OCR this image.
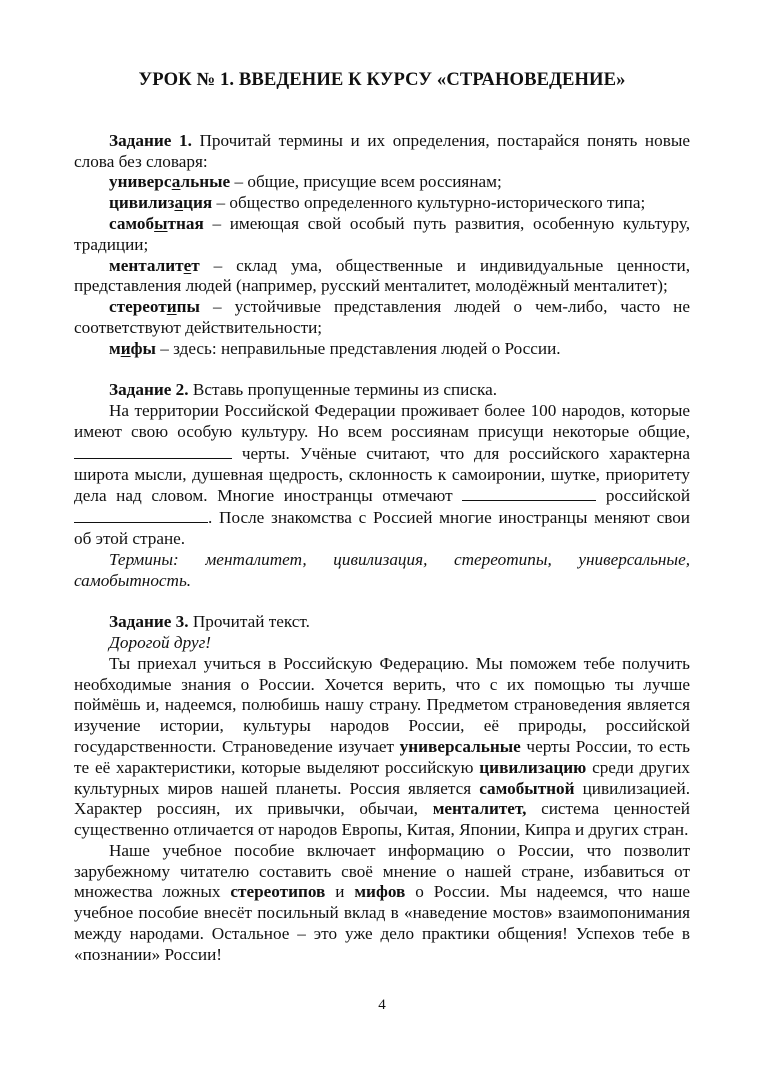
УРОК № 1. ВВЕДЕНИЕ К КУРСУ «СТРАНОВЕДЕНИЕ»

Задание 1. Прочитай термины и их определения, постарайся понять новые слова без словаря:

универсальные – общие, присущие всем россиянам;

цивилизация – общество определенного культурно-исторического типа;

самобытная – имеющая свой особый путь развития, особенную культуру, традиции;

менталитет – склад ума, общественные и индивидуальные ценности, представления людей (например, русский менталитет, молодёжный менталитет);

стереотипы – устойчивые представления людей о чем-либо, часто не соответствуют действительности;

мифы – здесь: неправильные представления людей о России.

Задание 2. Вставь пропущенные термины из списка.

На территории Российской Федерации проживает более 100 народов, которые имеют свою особую культуру. Но всем россиянам присущи некоторые общие,  черты. Учёные считают, что для российского характерна широта мысли, душевная щедрость, склонность к самоиронии, шутке, приоритету дела над словом. Многие иностранцы отмечают	российской . После знакомства с Россией многие иностранцы меняют свои об этой стране.

Термины: менталитет, цивилизация, стереотипы, универсальные, самобытность.

Задание 3. Прочитай текст.

Дорогой друг!

Ты приехал учиться в Российскую Федерацию. Мы поможем тебе получить необходимые знания о России. Хочется верить, что с их помощью ты лучше поймёшь и, надеемся, полюбишь нашу страну. Предметом страноведения является изучение истории, культуры народов России, её природы, российской государственности. Страноведение изучает универсальные черты России, то есть те её характеристики, которые выделяют российскую цивилизацию среди других культурных миров нашей планеты. Россия является самобытной цивилизацией. Характер россиян, их привычки, обычаи, менталитет, система ценностей существенно отличается от народов Европы, Китая, Японии, Кипра и других стран.

Наше учебное пособие включает информацию о России, что позволит зарубежному читателю составить своё мнение о нашей стране, избавиться от множества ложных стереотипов и мифов о России. Мы надеемся, что наше учебное пособие внесёт посильный вклад в «наведение мостов» взаимопонимания между народами. Остальное – это уже дело практики общения! Успехов тебе в «познании» России!

4
